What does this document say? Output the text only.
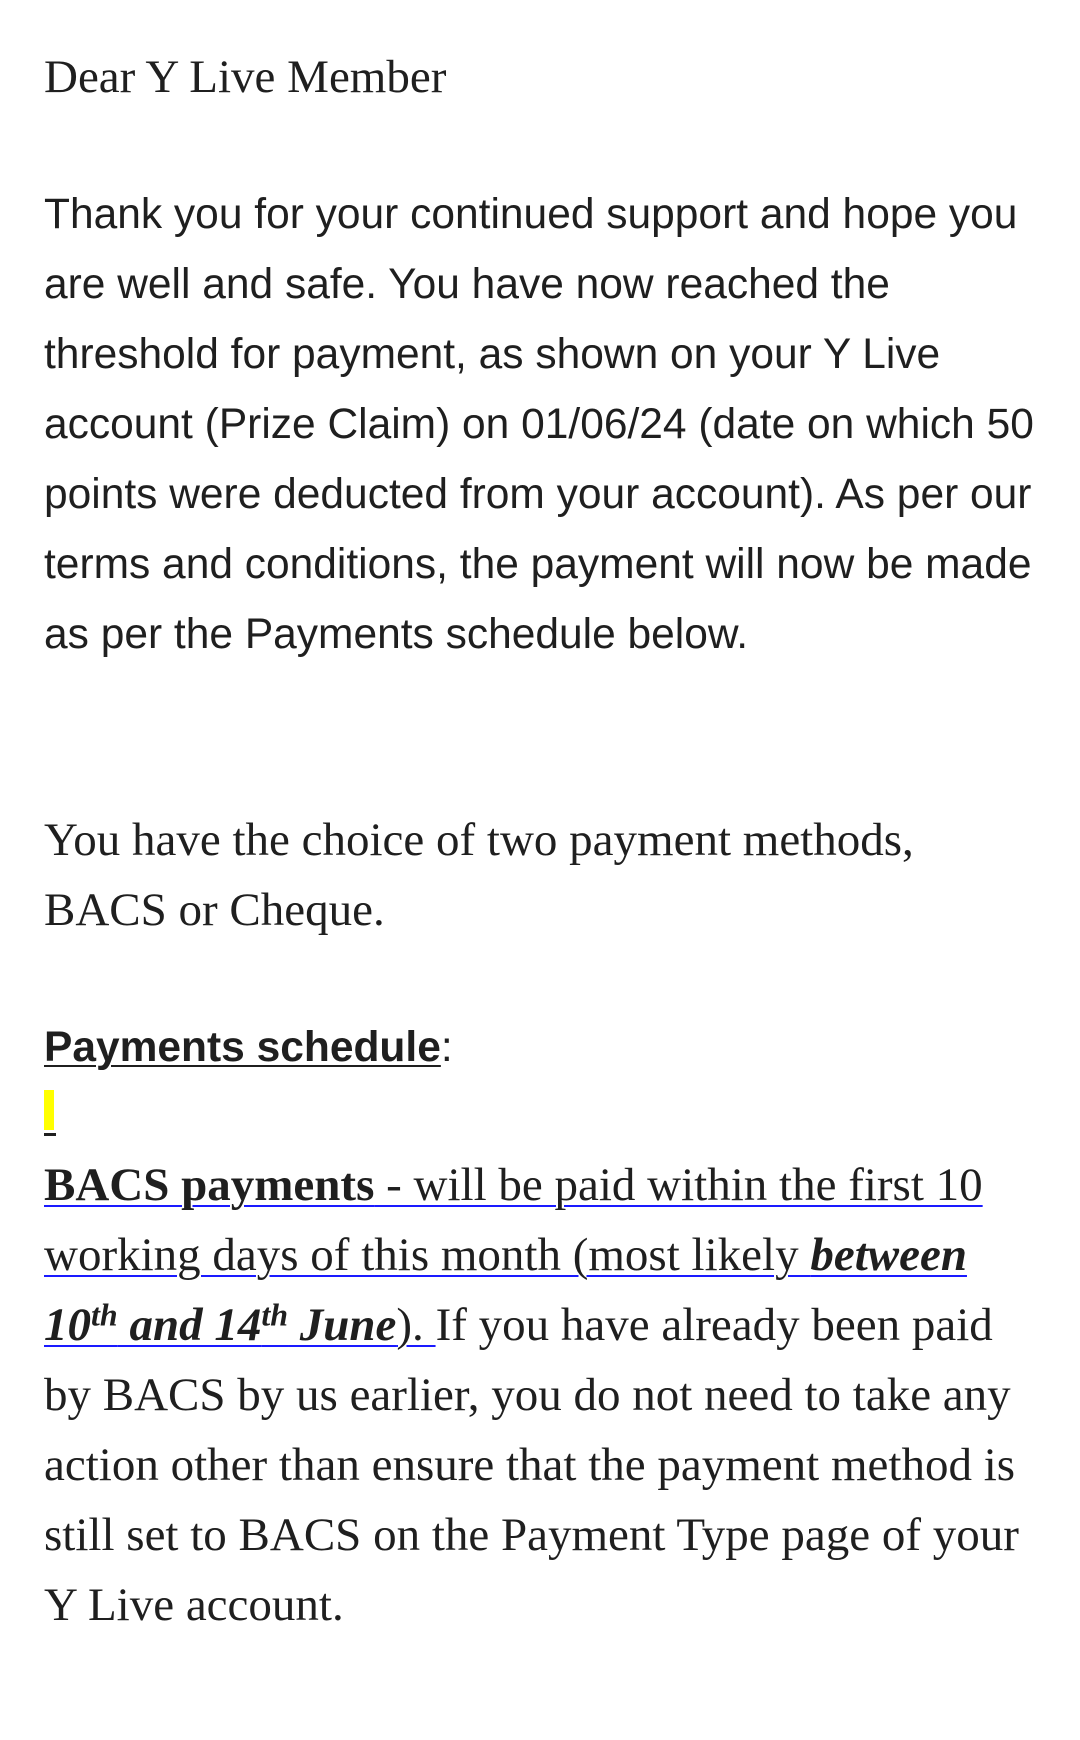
Dear Y Live Member

Thank you for your continued support and hope you are well and safe. You have now reached the threshold for payment, as shown on your Y Live account (Prize Claim) on 01/06/24 (date on which 50 points were deducted from your account). As per our terms and conditions, the payment will now be made as per the Payments schedule below.

You have the choice of two payment methods, BACS or Cheque.

Payments schedule:

BACS payments - will be paid within the first 10 working days of this month (most likely between 10th and 14th June). If you have already been paid by BACS by us earlier, you do not need to take any action other than ensure that the payment method is still set to BACS on the Payment Type page of your Y Live account.
